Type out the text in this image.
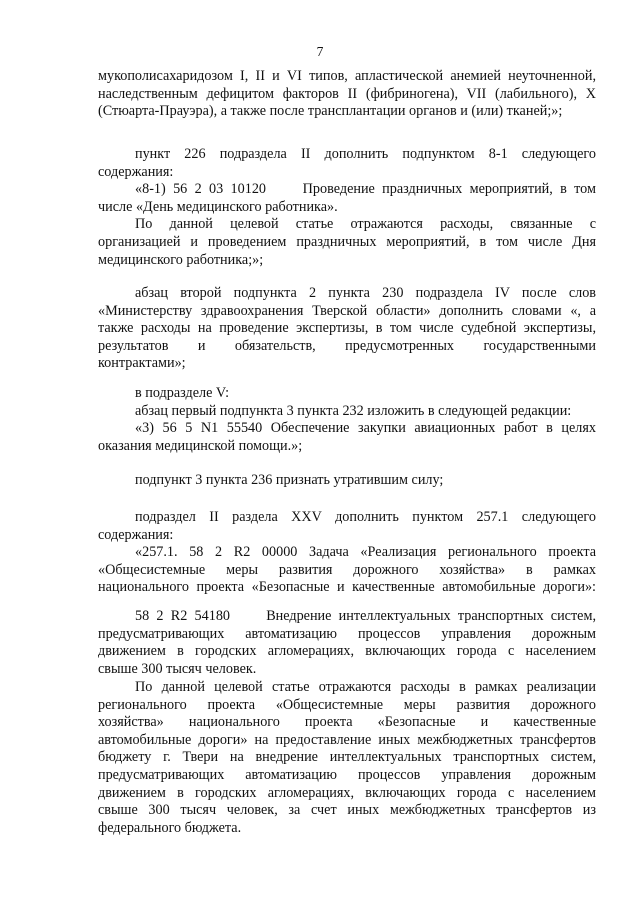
7

мукополисахаридозом I, II и VI типов, апластической анемией неуточненной,

наследственным дефицитом факторов II (фибриногена), VII (лабильного), X

(Стюарта-Прауэра), а также после трансплантации органов и (или) тканей;»;

пункт 226 подраздела II дополнить подпунктом 8-1 следующего

содержания:

«8-1) 56 2 03 10120     Проведение праздничных мероприятий, в том

числе «День медицинского работника».

По данной целевой статье отражаются расходы, связанные с

организацией и проведением праздничных мероприятий, в том числе Дня

медицинского работника;»;

абзац второй подпункта 2 пункта 230 подраздела IV после слов

«Министерству здравоохранения Тверской области» дополнить словами «, а

также расходы на проведение экспертизы, в том числе судебной экспертизы,

результатов и обязательств, предусмотренных государственными

контрактами»;

в подразделе V:

абзац первый подпункта 3 пункта 232 изложить в следующей редакции:

«3) 56 5 N1 55540 Обеспечение закупки авиационных работ в целях

оказания медицинской помощи.»;

подпункт 3 пункта 236 признать утратившим силу;

подраздел II раздела XXV дополнить пунктом 257.1 следующего

содержания:

«257.1. 58 2 R2 00000 Задача «Реализация регионального проекта

«Общесистемные меры развития дорожного хозяйства» в рамках

национального проекта «Безопасные и качественные автомобильные дороги»:

58 2 R2 54180     Внедрение интеллектуальных транспортных систем,

предусматривающих автоматизацию процессов управления дорожным

движением в городских агломерациях, включающих города с населением

свыше 300 тысяч человек.

По данной целевой статье отражаются расходы в рамках реализации

регионального проекта «Общесистемные меры развития дорожного

хозяйства» национального проекта «Безопасные и качественные

автомобильные дороги» на предоставление иных межбюджетных трансфертов

бюджету г. Твери на внедрение интеллектуальных транспортных систем,

предусматривающих автоматизацию процессов управления дорожным

движением в городских агломерациях, включающих города с населением

свыше 300 тысяч человек, за счет иных межбюджетных трансфертов из

федерального бюджета.
